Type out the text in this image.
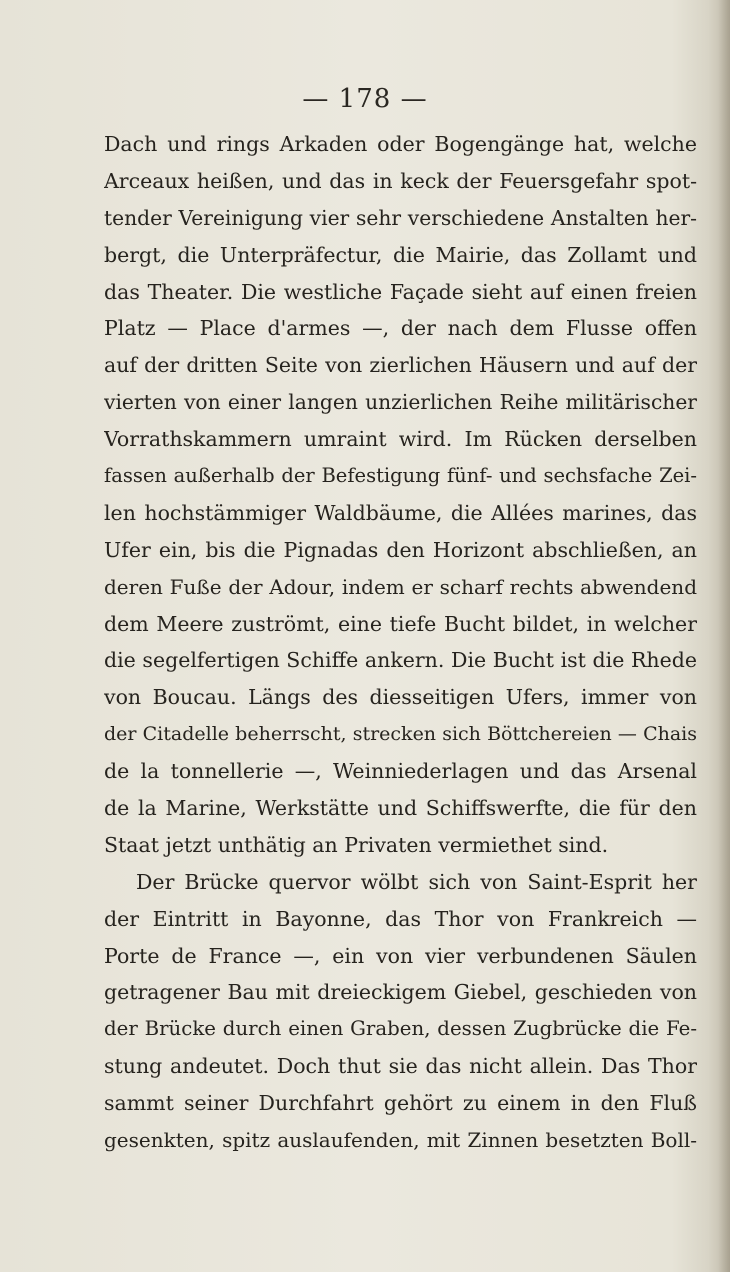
— 178 —
Dach und rings Arkaden oder Bogengänge hat, welche
Arceaux heißen, und das in keck der Feuersgefahr spot-
tender Vereinigung vier sehr verschiedene Anstalten her-
bergt, die Unterpräfectur, die Mairie, das Zollamt und
das Theater. Die westliche Façade sieht auf einen freien
Platz — Place d'armes —, der nach dem Flusse offen
auf der dritten Seite von zierlichen Häusern und auf der
vierten von einer langen unzierlichen Reihe militärischer
Vorrathskammern umraint wird. Im Rücken derselben
fassen außerhalb der Befestigung fünf- und sechsfache Zei-
len hochstämmiger Waldbäume, die Allées marines, das
Ufer ein, bis die Pignadas den Horizont abschließen, an
deren Fuße der Adour, indem er scharf rechts abwendend
dem Meere zuströmt, eine tiefe Bucht bildet, in welcher
die segelfertigen Schiffe ankern. Die Bucht ist die Rhede
von Boucau. Längs des diesseitigen Ufers, immer von
der Citadelle beherrscht, strecken sich Böttchereien — Chais
de la tonnellerie —, Weinniederlagen und das Arsenal
de la Marine, Werkstätte und Schiffswerfte, die für den
Staat jetzt unthätig an Privaten vermiethet sind.
Der Brücke quervor wölbt sich von Saint-Esprit her
der Eintritt in Bayonne, das Thor von Frankreich —
Porte de France —, ein von vier verbundenen Säulen
getragener Bau mit dreieckigem Giebel, geschieden von
der Brücke durch einen Graben, dessen Zugbrücke die Fe-
stung andeutet. Doch thut sie das nicht allein. Das Thor
sammt seiner Durchfahrt gehört zu einem in den Fluß
gesenkten, spitz auslaufenden, mit Zinnen besetzten Boll-
